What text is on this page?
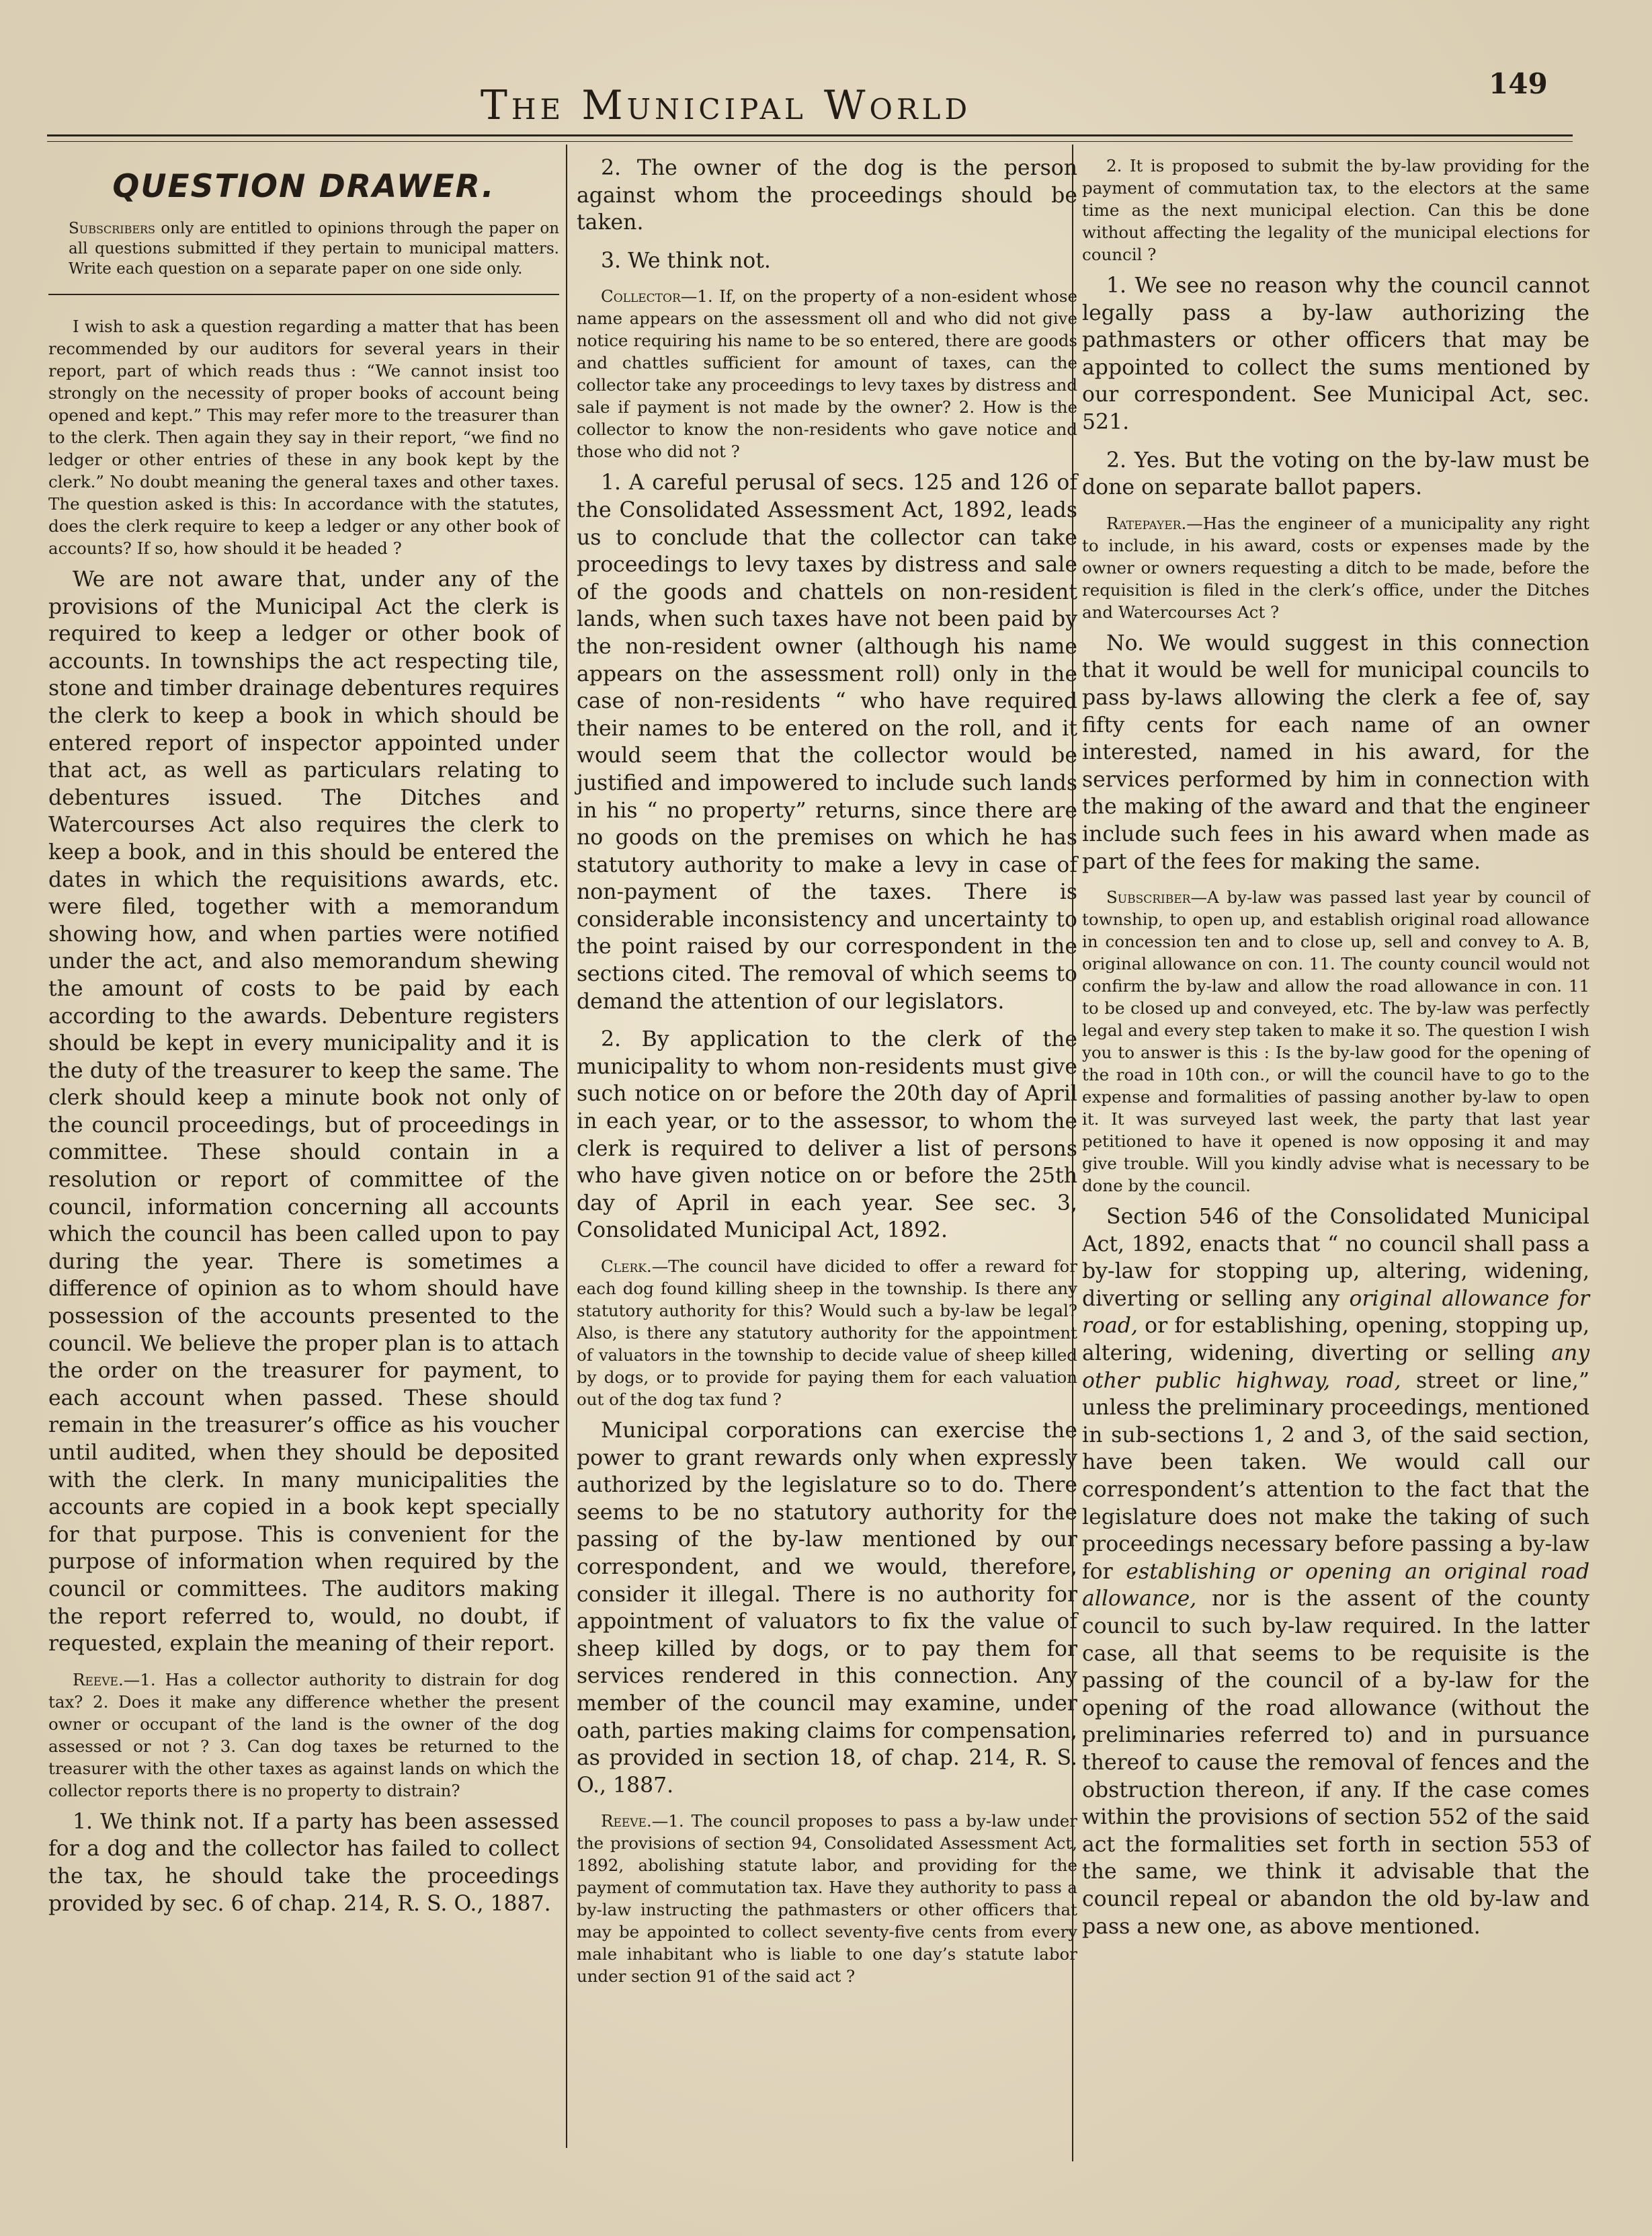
149
The Municipal World
QUESTION DRAWER.

Subscribers only are entitled to opinions through the paper on all questions submitted if they pertain to municipal matters. Write each question on a separate paper on one side only.

I wish to ask a question regarding a matter that has been recommended by our auditors for several years in their report, part of which reads thus : “We cannot insist too strongly on the necessity of proper books of account being opened and kept.” This may refer more to the treasurer than to the clerk. Then again they say in their report, “we find no ledger or other entries of these in any book kept by the clerk.” No doubt meaning the general taxes and other taxes. The question asked is this: In accordance with the statutes, does the clerk require to keep a ledger or any other book of accounts? If so, how should it be headed ?

We are not aware that, under any of the provisions of the Municipal Act the clerk is required to keep a ledger or other book of accounts. In townships the act respecting tile, stone and timber drainage debentures requires the clerk to keep a book in which should be entered report of inspector appointed under that act, as well as particulars relating to debentures issued. The Ditches and Watercourses Act also requires the clerk to keep a book, and in this should be entered the dates in which the requisitions awards, etc. were filed, together with a memorandum showing how, and when parties were notified under the act, and also memorandum shewing the amount of costs to be paid by each according to the awards. Debenture registers should be kept in every municipality and it is the duty of the treasurer to keep the same. The clerk should keep a minute book not only of the council proceedings, but of proceedings in committee. These should contain in a resolution or report of committee of the council, information concerning all accounts which the council has been called upon to pay during the year. There is sometimes a difference of opinion as to whom should have possession of the accounts presented to the council. We believe the proper plan is to attach the order on the treasurer for payment, to each account when passed. These should remain in the treasurer’s office as his voucher until audited, when they should be deposited with the clerk. In many municipalities the accounts are copied in a book kept specially for that purpose. This is convenient for the purpose of information when required by the council or committees. The auditors making the report referred to, would, no doubt, if requested, explain the meaning of their report.

Reeve.—1. Has a collector authority to distrain for dog tax? 2. Does it make any difference whether the present owner or occupant of the land is the owner of the dog assessed or not ? 3. Can dog taxes be returned to the treasurer with the other taxes as against lands on which the collector reports there is no property to distrain?

1. We think not. If a party has been assessed for a dog and the collector has failed to collect the tax, he should take the proceedings provided by sec. 6 of chap. 214, R. S. O., 1887.

2. The owner of the dog is the person against whom the proceedings should be taken.

3. We think not.

Collector—1. If, on the property of a non-esident whose name appears on the assessment oll and who did not give notice requiring his name to be so entered, there are goods and chattles sufficient for amount of taxes, can the collector take any proceedings to levy taxes by distress and sale if payment is not made by the owner? 2. How is the collector to know the non-residents who gave notice and those who did not ?

1. A careful perusal of secs. 125 and 126 of the Consolidated Assessment Act, 1892, leads us to conclude that the collector can take proceedings to levy taxes by distress and sale of the goods and chattels on non-resident lands, when such taxes have not been paid by the non-resident owner (although his name appears on the assessment roll) only in the case of non-residents “ who have required their names to be entered on the roll, and it would seem that the collector would be justified and impowered to include such lands in his “ no property” returns, since there are no goods on the premises on which he has statutory authority to make a levy in case of non-payment of the taxes. There is considerable inconsistency and uncertainty to the point raised by our correspondent in the sections cited. The removal of which seems to demand the attention of our legislators.

2. By application to the clerk of the municipality to whom non-residents must give such notice on or before the 20th day of April in each year, or to the assessor, to whom the clerk is required to deliver a list of persons who have given notice on or before the 25th day of April in each year. See sec. 3, Consolidated Municipal Act, 1892.

Clerk.—The council have dicided to offer a reward for each dog found killing sheep in the township. Is there any statutory authority for this? Would such a by-law be legal? Also, is there any statutory authority for the appointment of valuators in the township to decide value of sheep killed by dogs, or to provide for paying them for each valuation out of the dog tax fund ?

Municipal corporations can exercise the power to grant rewards only when expressly authorized by the legislature so to do. There seems to be no statutory authority for the passing of the by-law mentioned by our correspondent, and we would, therefore, consider it illegal. There is no authority for appointment of valuators to fix the value of sheep killed by dogs, or to pay them for services rendered in this connection. Any member of the council may examine, under oath, parties making claims for compensation, as provided in section 18, of chap. 214, R. S. O., 1887.

Reeve.—1. The council proposes to pass a by-law under the provisions of section 94, Consolidated Assessment Act, 1892, abolishing statute labor, and providing for the payment of commutation tax. Have they authority to pass a by-law instructing the pathmasters or other officers that may be appointed to collect seventy-five cents from every male inhabitant who is liable to one day’s statute labor under section 91 of the said act ?

2. It is proposed to submit the by-law providing for the payment of commutation tax, to the electors at the same time as the next municipal election. Can this be done without affecting the legality of the municipal elections for council ?

1. We see no reason why the council cannot legally pass a by-law authorizing the pathmasters or other officers that may be appointed to collect the sums mentioned by our correspondent. See Municipal Act, sec. 521.

2. Yes. But the voting on the by-law must be done on separate ballot papers.

Ratepayer.—Has the engineer of a municipality any right to include, in his award, costs or expenses made by the owner or owners requesting a ditch to be made, before the requisition is filed in the clerk’s office, under the Ditches and Watercourses Act ?

No. We would suggest in this connection that it would be well for municipal councils to pass by-laws allowing the clerk a fee of, say fifty cents for each name of an owner interested, named in his award, for the services performed by him in connection with the making of the award and that the engineer include such fees in his award when made as part of the fees for making the same.

Subscriber—A by-law was passed last year by council of township, to open up, and establish original road allowance in concession ten and to close up, sell and convey to A. B, original allowance on con. 11. The county council would not confirm the by-law and allow the road allowance in con. 11 to be closed up and conveyed, etc. The by-law was perfectly legal and every step taken to make it so. The question I wish you to answer is this : Is the by-law good for the opening of the road in 10th con., or will the council have to go to the expense and formalities of passing another by-law to open it. It was surveyed last week, the party that last year petitioned to have it opened is now opposing it and may give trouble. Will you kindly advise what is necessary to be done by the council.

Section 546 of the Consolidated Municipal Act, 1892, enacts that “ no council shall pass a by-law for stopping up, altering, widening, diverting or selling any original allowance for road, or for establishing, opening, stopping up, altering, widening, diverting or selling any other public highway, road, street or line,” unless the preliminary proceedings, mentioned in sub-sections 1, 2 and 3, of the said section, have been taken. We would call our correspondent’s attention to the fact that the legislature does not make the taking of such proceedings necessary before passing a by-law for establishing or opening an original road allowance, nor is the assent of the county council to such by-law required. In the latter case, all that seems to be requisite is the passing of the council of a by-law for the opening of the road allowance (without the preliminaries referred to) and in pursuance thereof to cause the removal of fences and the obstruction thereon, if any. If the case comes within the provisions of section 552 of the said act the formalities set forth in section 553 of the same, we think it advisable that the council repeal or abandon the old by-law and pass a new one, as above mentioned.
